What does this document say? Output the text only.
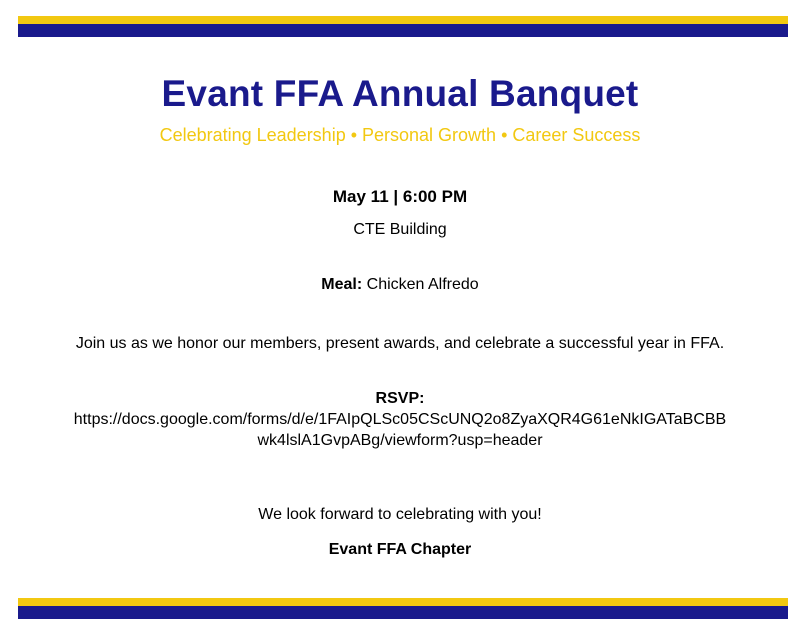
Evant FFA Annual Banquet
Celebrating Leadership • Personal Growth • Career Success
May 11 | 6:00 PM
CTE Building
Meal: Chicken Alfredo
Join us as we honor our members, present awards, and celebrate a successful year in FFA.
RSVP:
https://docs.google.com/forms/d/e/1FAIpQLSc05CScUNQ2o8ZyaXQR4G61eNkIGATaBCBB
wk4lslA1GvpABg/viewform?usp=header
We look forward to celebrating with you!
Evant FFA Chapter
